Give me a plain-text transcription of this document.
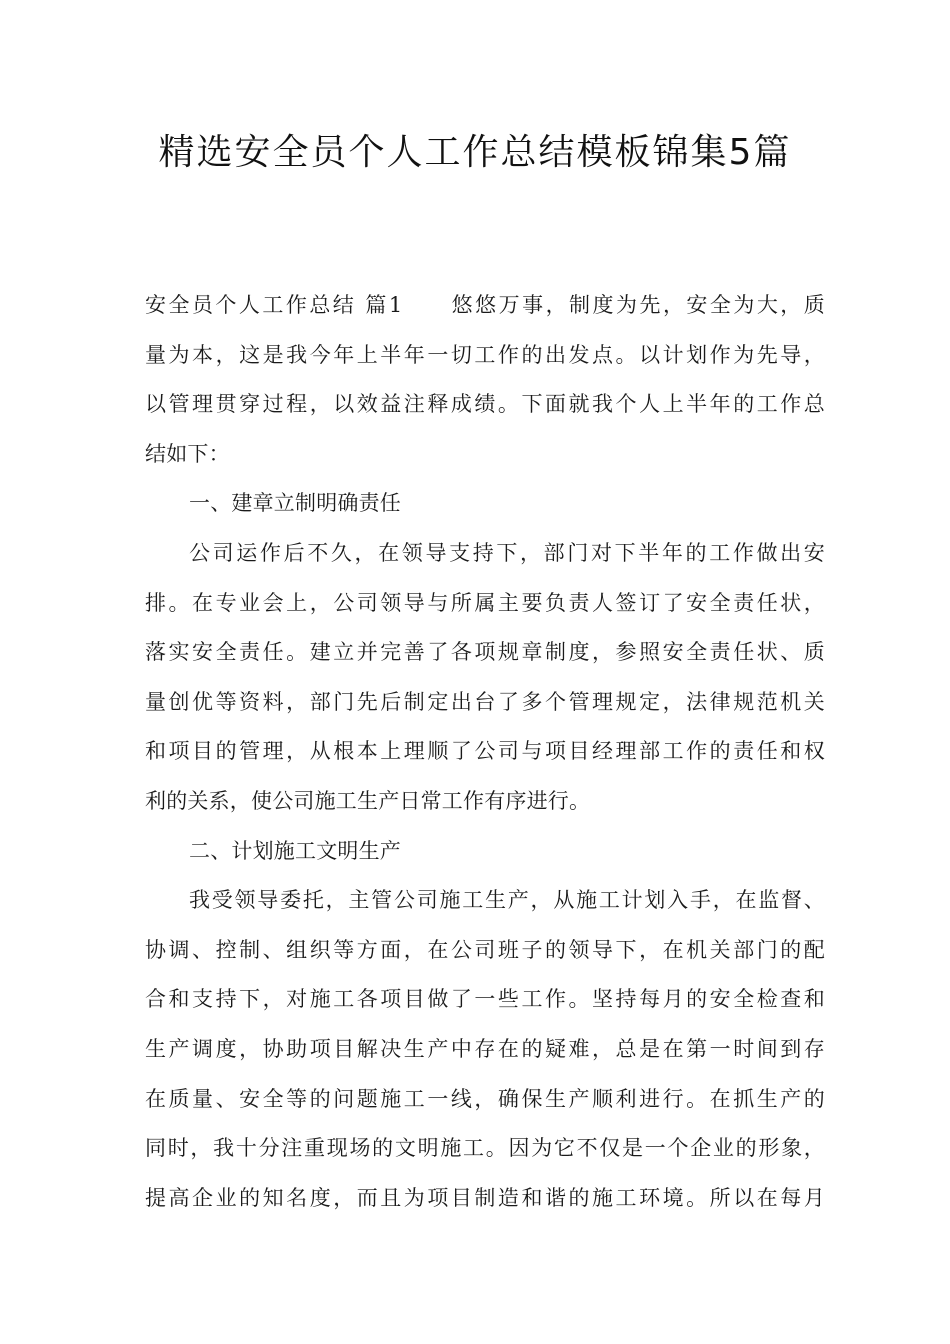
精选安全员个人工作总结模板锦集5篇
安全员个人工作总结 篇1　　悠悠万事，制度为先，安全为大，质
量为本，这是我今年上半年一切工作的出发点。以计划作为先导，
以管理贯穿过程，以效益注释成绩。下面就我个人上半年的工作总
结如下：
一、建章立制明确责任
公司运作后不久，在领导支持下，部门对下半年的工作做出安
排。在专业会上，公司领导与所属主要负责人签订了安全责任状，
落实安全责任。建立并完善了各项规章制度，参照安全责任状、质
量创优等资料，部门先后制定出台了多个管理规定，法律规范机关
和项目的管理，从根本上理顺了公司与项目经理部工作的责任和权
利的关系，使公司施工生产日常工作有序进行。
二、计划施工文明生产
我受领导委托，主管公司施工生产，从施工计划入手，在监督、
协调、控制、组织等方面，在公司班子的领导下，在机关部门的配
合和支持下，对施工各项目做了一些工作。坚持每月的安全检查和
生产调度，协助项目解决生产中存在的疑难，总是在第一时间到存
在质量、安全等的问题施工一线，确保生产顺利进行。在抓生产的
同时，我十分注重现场的文明施工。因为它不仅是一个企业的形象，
提高企业的知名度，而且为项目制造和谐的施工环境。所以在每月
